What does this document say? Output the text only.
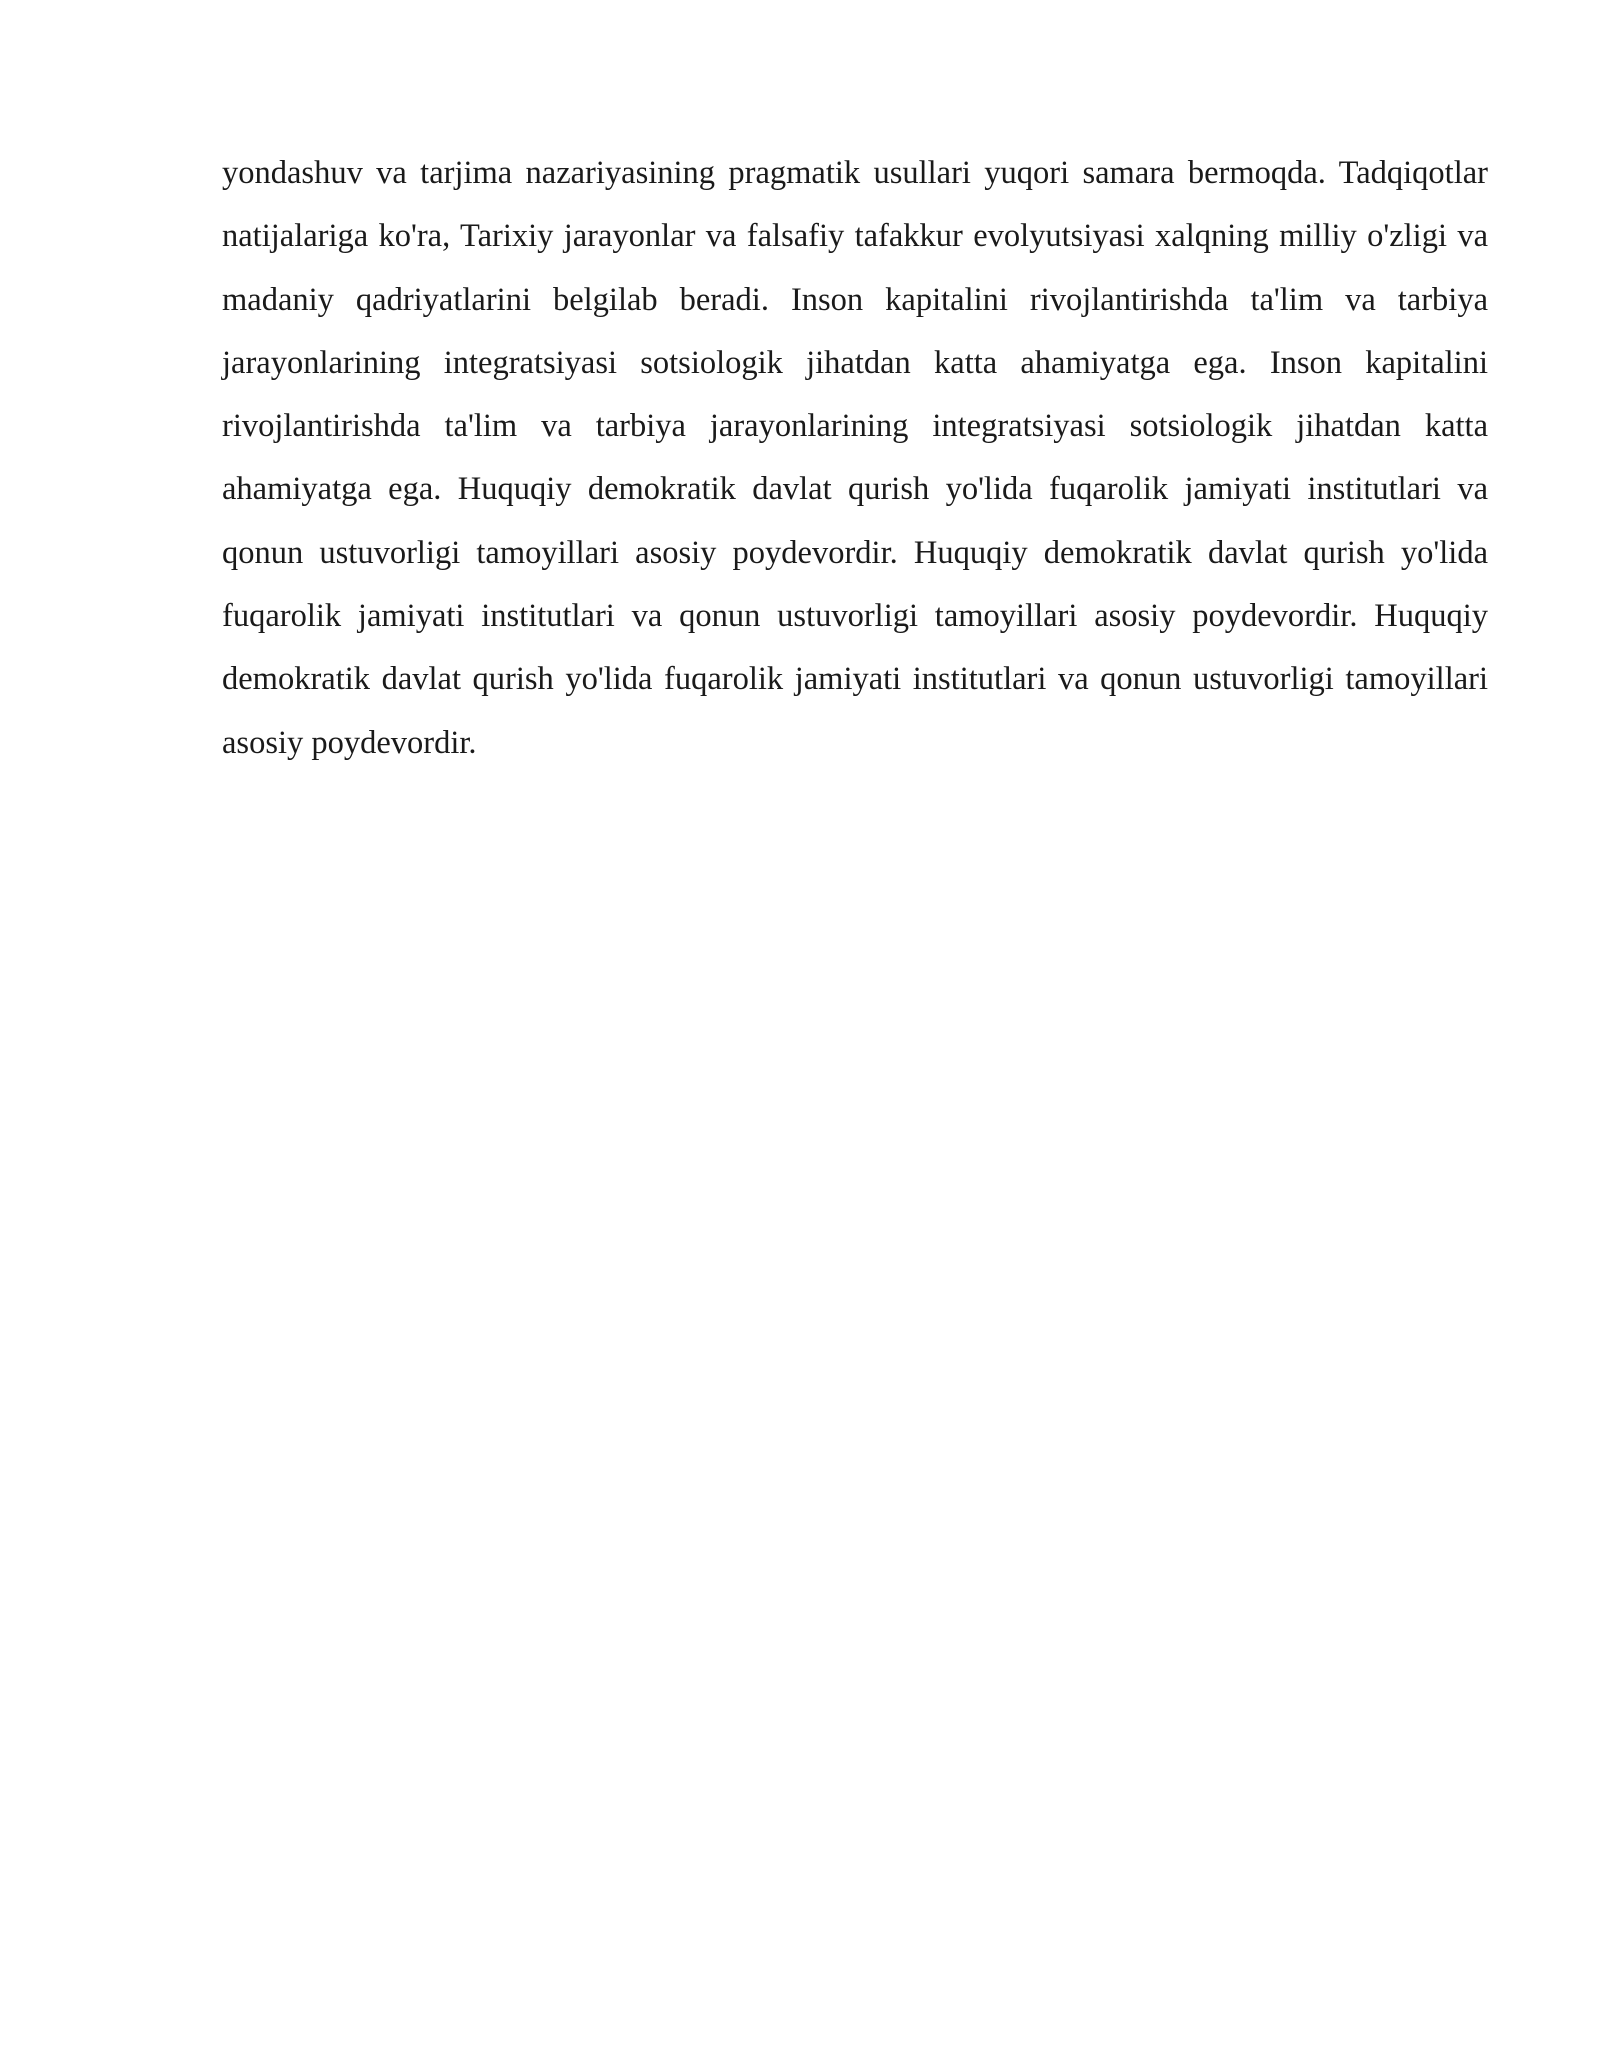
yondashuv va tarjima nazariyasining pragmatik usullari yuqori samara bermoqda. Tadqiqotlar natijalariga ko'ra, Tarixiy jarayonlar va falsafiy tafakkur evolyutsiyasi xalqning milliy o'zligi va madaniy qadriyatlarini belgilab beradi. Inson kapitalini rivojlantirishda ta'lim va tarbiya jarayonlarining integratsiyasi sotsiologik jihatdan katta ahamiyatga ega. Inson kapitalini rivojlantirishda ta'lim va tarbiya jarayonlarining integratsiyasi sotsiologik jihatdan katta ahamiyatga ega. Huquqiy demokratik davlat qurish yo'lida fuqarolik jamiyati institutlari va qonun ustuvorligi tamoyillari asosiy poydevordir. Huquqiy demokratik davlat qurish yo'lida fuqarolik jamiyati institutlari va qonun ustuvorligi tamoyillari asosiy poydevordir. Huquqiy demokratik davlat qurish yo'lida fuqarolik jamiyati institutlari va qonun ustuvorligi tamoyillari asosiy poydevordir.
